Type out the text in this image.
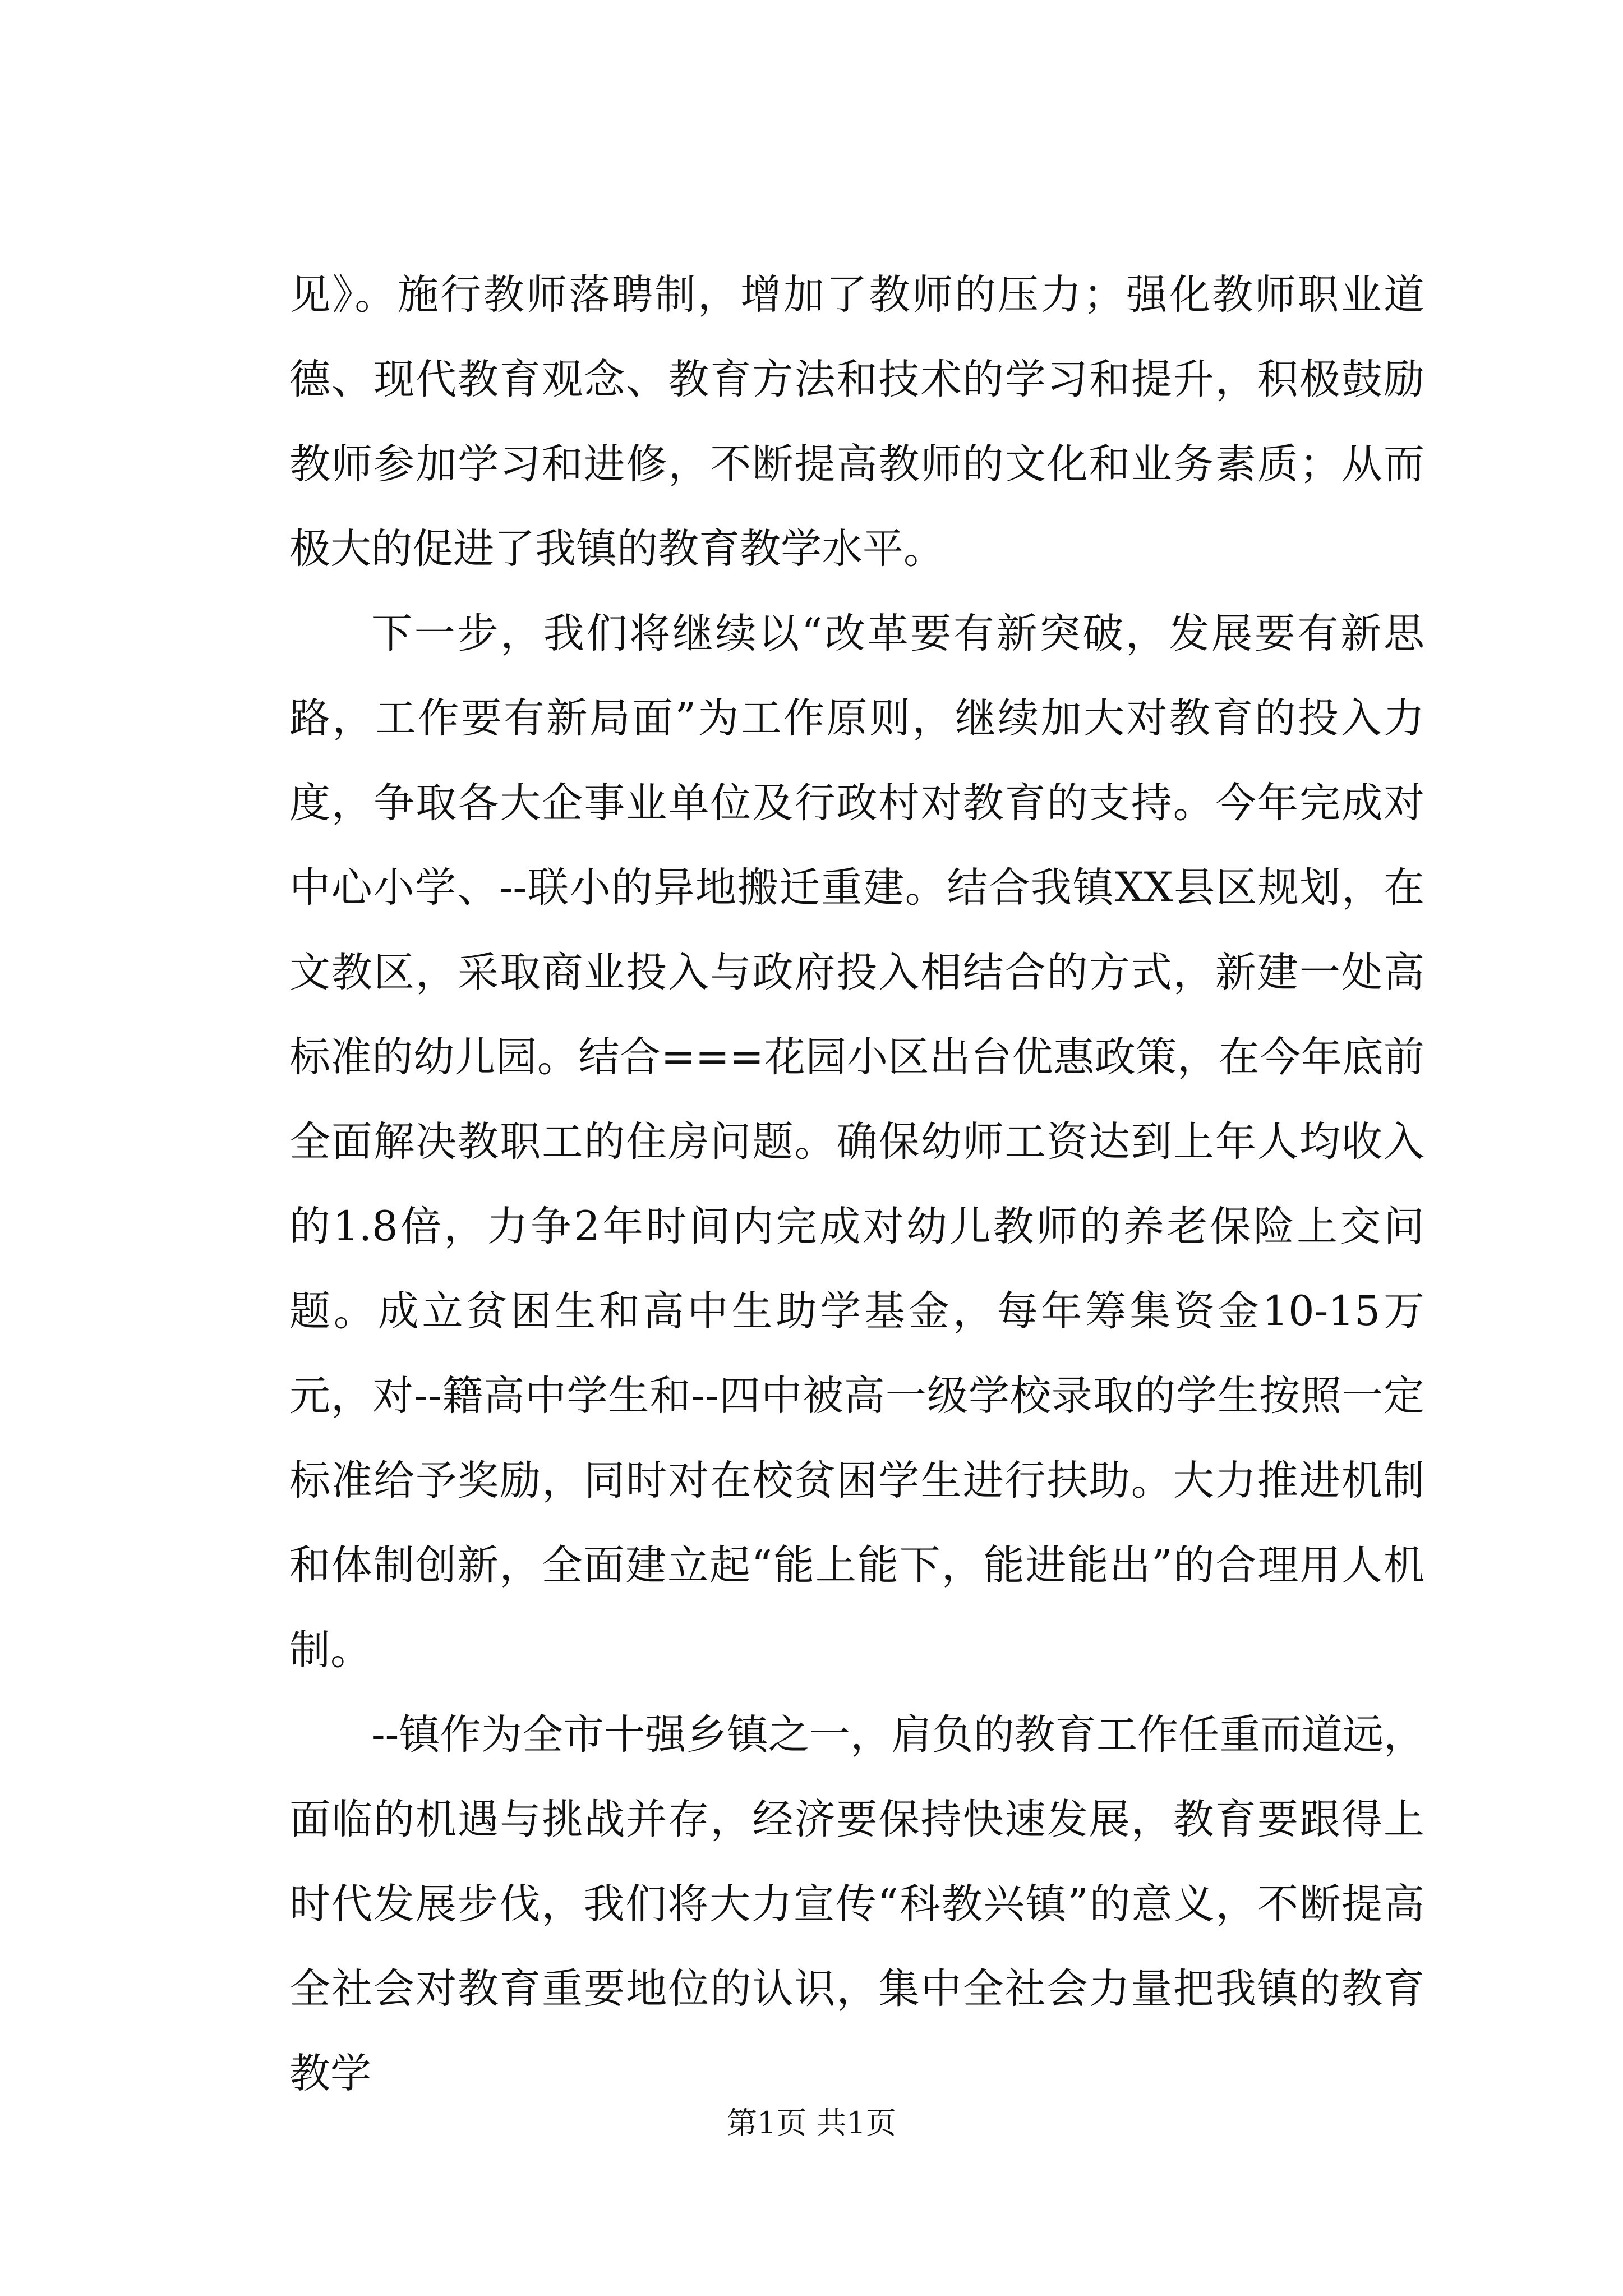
见》。施行教师落聘制，增加了教师的压力；强化教师职业道德、现代教育观念、教育方法和技术的学习和提升，积极鼓励教师参加学习和进修，不断提高教师的文化和业务素质；从而极大的促进了我镇的教育教学水平。

下一步，我们将继续以“改革要有新突破，发展要有新思路，工作要有新局面”为工作原则，继续加大对教育的投入力度，争取各大企事业单位及行政村对教育的支持。今年完成对中心小学、--联小的异地搬迁重建。结合我镇XX县区规划，在文教区，采取商业投入与政府投入相结合的方式，新建一处高标准的幼儿园。结合===花园小区出台优惠政策，在今年底前全面解决教职工的住房问题。确保幼师工资达到上年人均收入的1.8倍，力争2年时间内完成对幼儿教师的养老保险上交问题。成立贫困生和高中生助学基金，每年筹集资金10-15万元，对--籍高中学生和--四中被高一级学校录取的学生按照一定标准给予奖励，同时对在校贫困学生进行扶助。大力推进机制和体制创新，全面建立起“能上能下，能进能出”的合理用人机制。

--镇作为全市十强乡镇之一，肩负的教育工作任重而道远，面临的机遇与挑战并存，经济要保持快速发展，教育要跟得上时代发展步伐，我们将大力宣传“科教兴镇”的意义，不断提高全社会对教育重要地位的认识，集中全社会力量把我镇的教育教学

第1页 共1页
